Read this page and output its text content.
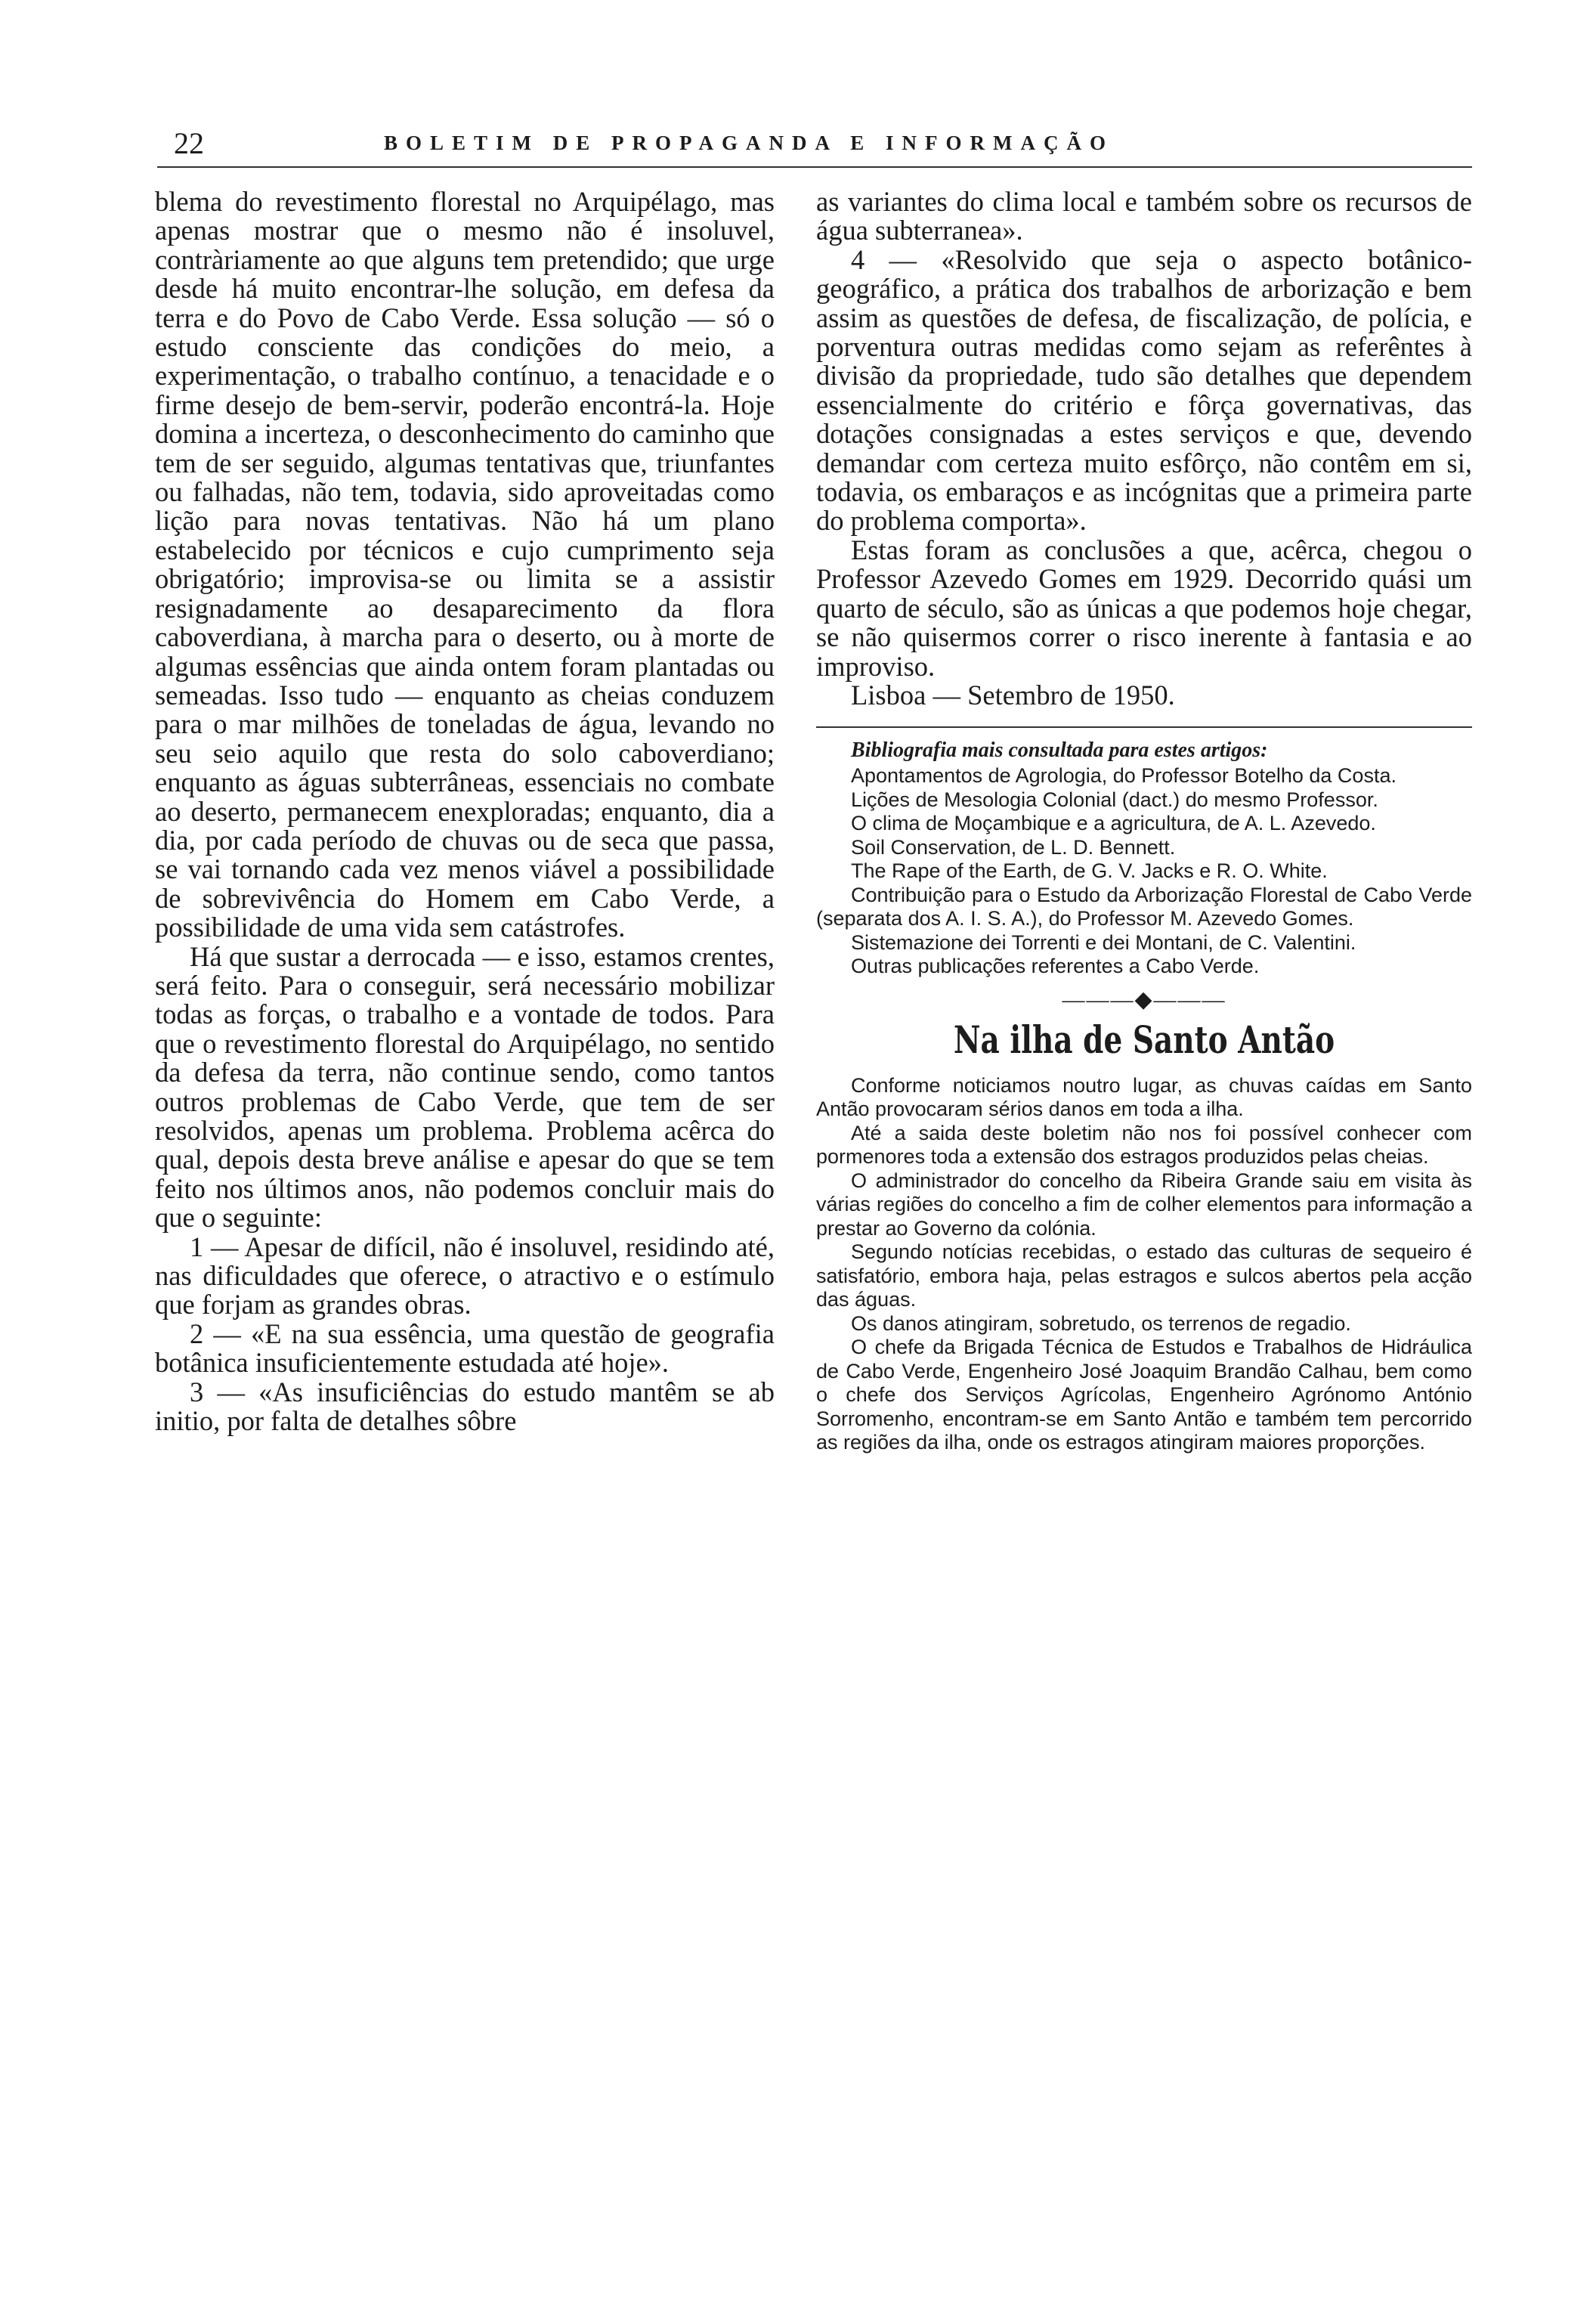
22	BOLETIM DE PROPAGANDA E INFORMAÇÃO

blema do revestimento florestal no Arquipélago, mas apenas mostrar que o mesmo não é insoluvel, contràriamente ao que alguns tem pretendido; que urge desde há muito encontrar-lhe solução, em defesa da terra e do Povo de Cabo Verde. Essa solução — só o estudo consciente das condições do meio, a experimentação, o trabalho contínuo, a tenacidade e o firme desejo de bem-servir, poderão encontrá-la. Hoje domina a incerteza, o desconhecimento do caminho que tem de ser seguido, algumas tentativas que, triunfantes ou falhadas, não tem, todavia, sido aproveitadas como lição para novas tentativas. Não há um plano estabelecido por técnicos e cujo cumprimento seja obrigatório; improvisa-se ou limita se a assistir resignadamente ao desaparecimento da flora caboverdiana, à marcha para o deserto, ou à morte de algumas essências que ainda ontem foram plantadas ou semeadas. Isso tudo — enquanto as cheias conduzem para o mar milhões de toneladas de água, levando no seu seio aquilo que resta do solo caboverdiano; enquanto as águas subterrâneas, essenciais no combate ao deserto, permanecem enexploradas; enquanto, dia a dia, por cada período de chuvas ou de seca que passa, se vai tornando cada vez menos viável a possibilidade de sobrevivência do Homem em Cabo Verde, a possibilidade de uma vida sem catástrofes.

Há que sustar a derrocada — e isso, estamos crentes, será feito. Para o conseguir, será necessário mobilizar todas as forças, o trabalho e a vontade de todos. Para que o revestimento florestal do Arquipélago, no sentido da defesa da terra, não continue sendo, como tantos outros problemas de Cabo Verde, que tem de ser resolvidos, apenas um problema. Problema acêrca do qual, depois desta breve análise e apesar do que se tem feito nos últimos anos, não podemos concluir mais do que o seguinte:

1 — Apesar de difícil, não é insoluvel, residindo até, nas dificuldades que oferece, o atractivo e o estímulo que forjam as grandes obras.

2 — «E na sua essência, uma questão de geografia botânica insuficientemente estudada até hoje».

3 — «As insuficiências do estudo mantêm se ab initio, por falta de detalhes sôbre

as variantes do clima local e também sobre os recursos de água subterranea».

4 — «Resolvido que seja o aspecto botânico-geográfico, a prática dos trabalhos de arborização e bem assim as questões de defesa, de fiscalização, de polícia, e porventura outras medidas como sejam as referêntes à divisão da propriedade, tudo são detalhes que dependem essencialmente do critério e fôrça governativas, das dotações consignadas a estes serviços e que, devendo demandar com certeza muito esfôrço, não contêm em si, todavia, os embaraços e as incógnitas que a primeira parte do problema comporta».

Estas foram as conclusões a que, acêrca, chegou o Professor Azevedo Gomes em 1929. Decorrido quási um quarto de século, são as únicas a que podemos hoje chegar, se não quisermos correr o risco inerente à fantasia e ao improviso.

Lisboa — Setembro de 1950.

Bibliografia mais consultada para estes artigos:

Apontamentos de Agrologia, do Professor Botelho da Costa.

Lições de Mesologia Colonial (dact.) do mesmo Professor.

O clima de Moçambique e a agricultura, de A. L. Azevedo.

Soil Conservation, de L. D. Bennett.

The Rape of the Earth, de G. V. Jacks e R. O. White.

Contribuição para o Estudo da Arborização Florestal de Cabo Verde (separata dos A. I. S. A.), do Professor M. Azevedo Gomes.

Sistemazione dei Torrenti e dei Montani, de C. Valentini.

Outras publicações referentes a Cabo Verde.

———◆———
Na ilha de Santo Antão

Conforme noticiamos noutro lugar, as chuvas caídas em Santo Antão provocaram sérios danos em toda a ilha.

Até a saida deste boletim não nos foi possível conhecer com pormenores toda a extensão dos estragos produzidos pelas cheias.

O administrador do concelho da Ribeira Grande saiu em visita às várias regiões do concelho a fim de colher elementos para informação a prestar ao Governo da colónia.

Segundo notícias recebidas, o estado das culturas de sequeiro é satisfatório, embora haja, pelas estragos e sulcos abertos pela acção das águas.

Os danos atingiram, sobretudo, os terrenos de regadio.

O chefe da Brigada Técnica de Estudos e Trabalhos de Hidráulica de Cabo Verde, Engenheiro José Joaquim Brandão Calhau, bem como o chefe dos Serviços Agrícolas, Engenheiro Agrónomo António Sorromenho, encontram-se em Santo Antão e também tem percorrido as regiões da ilha, onde os estragos atingiram maiores proporções.
